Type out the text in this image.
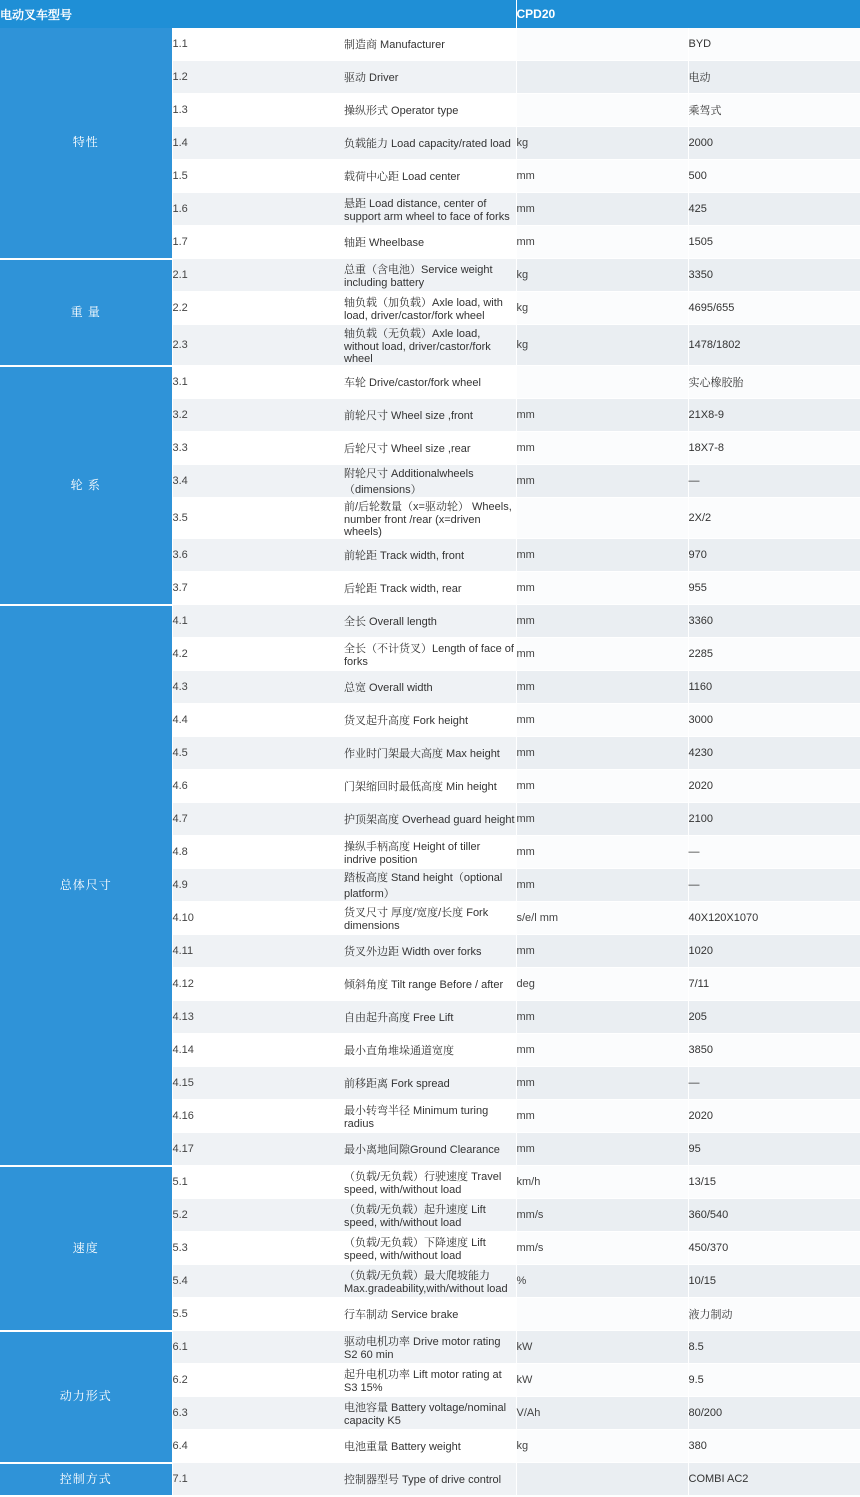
电动叉车型号			CPD20	

特性	1.1	制造商 Manufacturer		BYD
	1.2	驱动 Driver		电动
	1.3	操纵形式 Operator type		乘驾式
	1.4	负载能力 Load capacity/rated load	kg	2000
	1.5	载荷中心距 Load center	mm	500
	1.6	悬距 Load distance, center of support arm wheel to face of forks	mm	425
	1.7	轴距 Wheelbase	mm	1505

重 量	2.1	总重（含电池）Service weight including battery	kg	3350
	2.2	轴负载（加负载）Axle load, with load, driver/castor/fork wheel	kg	4695/655
	2.3	轴负载（无负载）Axle load, without load, driver/castor/fork wheel	kg	1478/1802

轮 系	3.1	车轮 Drive/castor/fork wheel		实心橡胶胎
	3.2	前轮尺寸 Wheel size ,front	mm	21X8-9
	3.3	后轮尺寸 Wheel size ,rear	mm	18X7-8
	3.4	附轮尺寸 Additionalwheels（dimensions）	mm	—
	3.5	前/后轮数量（x=驱动轮） Wheels, number front /rear (x=driven wheels)		2X/2
	3.6	前轮距 Track width, front	mm	970
	3.7	后轮距 Track width, rear	mm	955

总体尺寸	4.1	全长 Overall length	mm	3360
	4.2	全长（不计货叉）Length of face of forks	mm	2285
	4.3	总宽 Overall width	mm	1160
	4.4	货叉起升高度 Fork height	mm	3000
	4.5	作业时门架最大高度 Max height	mm	4230
	4.6	门架缩回时最低高度 Min height	mm	2020
	4.7	护顶架高度 Overhead guard height	mm	2100
	4.8	操纵手柄高度 Height of tiller indrive position	mm	—
	4.9	踏板高度 Stand height（optional platform）	mm	—
	4.10	货叉尺寸 厚度/宽度/长度 Fork dimensions	s/e/l mm	40X120X1070
	4.11	货叉外边距 Width over forks	mm	1020
	4.12	倾斜角度 Tilt range Before / after	deg	7/11
	4.13	自由起升高度 Free Lift	mm	205
	4.14	最小直角堆垛通道宽度	mm	3850
	4.15	前移距离 Fork spread	mm	—
	4.16	最小转弯半径 Minimum turing radius	mm	2020
	4.17	最小离地间隙Ground Clearance	mm	95

速度	5.1	（负载/无负载）行驶速度 Travel speed, with/without load	km/h	13/15
	5.2	（负载/无负载）起升速度 Lift speed, with/without load	mm/s	360/540
	5.3	（负载/无负载）下降速度 Lift speed, with/without load	mm/s	450/370
	5.4	（负载/无负载）最大爬坡能力 Max.gradeability,with/without load	%	10/15
	5.5	行车制动 Service brake		液力制动

动力形式	6.1	驱动电机功率 Drive motor rating S2 60 min	kW	8.5
	6.2	起升电机功率 Lift motor rating at S3 15%	kW	9.5
	6.3	电池容量 Battery voltage/nominal capacity K5	V/Ah	80/200
	6.4	电池重量 Battery weight	kg	380

控制方式	7.1	控制器型号 Type of drive control		COMBI AC2
